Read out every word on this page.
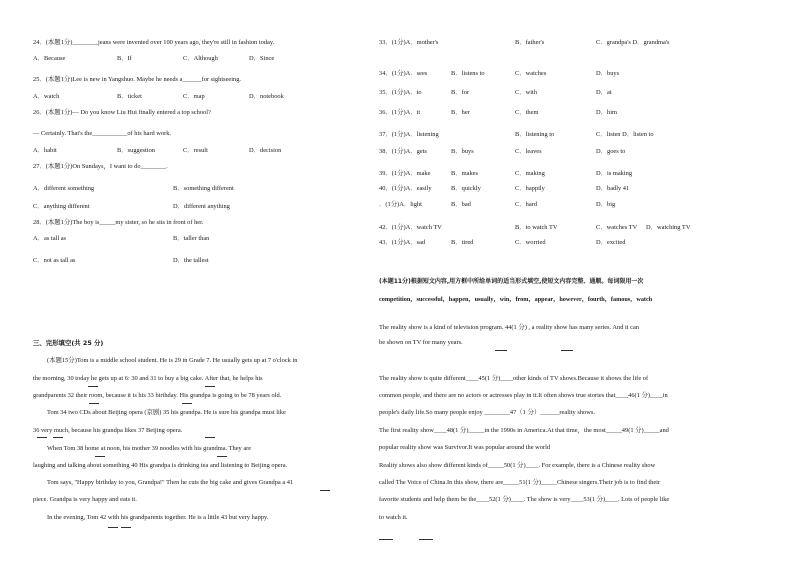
24．(本题1分)________jeans were invented over 100 years ago, they're still in fashion today.
A．Because	B．If	C．Although	D．Since
25．(本题1分)Lee is new in Yangshuo. Maybe he needs a______for sightseeing.
A．watch	B．ticket	C．map	D．notebook
26．(本题1分)— Do you know Liu Hui finally entered a top school?
— Certainly. That's the___________of his hard work.
A．habit	B．suggestion	C．result	D．decision
27．(本题1分)On Sundays，I want to do________.
A．different something	B．something different
C．anything different	D．different anything
28．(本题1分)The boy is_____my sister, so he sits in front of her.
A．as tall as	B．taller than
C．not as tall as	D．the tallest
三、完形填空(共 25 分)
(本题15分)Tom is a middle school student. He is 29 in Grade 7. He usually gets up at 7 o'clock in
the morning, 30 today he gets up at 6: 30 and 31 to buy a big cake. After that, he helps his
grandparents 32 their room, because it is his 33 birthday. His grandpa is going to be 78 years old.
Tom 34 two CDs about Beijing opera (京剧) 35 his grandpa. He is sure his grandpa must like
36 very much, because his grandpa likes 37 Beijing opera.
When Tom 38 home at noon, his mother 39 noodles with his grandma. They are
laughing and talking about something 40 His grandpa is drinking tea and listening to Beijing opera.
Tom says, "Happy birthday to you, Grandpa!" Then he cuts the big cake and gives Grandpa a 41
piece. Grandpa is very happy and eats it.
In the evening, Tom 42 with his grandparents together. He is a little 43 but very happy.
33．(1分)A．mother's	B．father's	C．grandpa's D．grandma's
34．(1分)A．sees	B．listens to	C．watches	D．buys
35．(1分)A．to	B．for	C．with	D．at
36．(1分)A．it	B．her	C．them	D．him
37．(1分)A．listening	B．listening to	C．listen D．listen to
38．(1分)A．gets	B．buys	C．leaves	D．goes to
39．(1分)A．make	B．makes	C．making	D．is making
40．(1分)A．easily	B．quickly	C．happily	D．badly 41
．(1分)A．light	B．bad	C．hard	D．big
42．(1分)A．watch TV	B．to watch TV	C．watches TV D．watching TV
43．(1分)A．sad	B．tired	C．worried	D．excited
(本题11分)根据短文内容,用方框中所给单词的适当形式填空,使短文内容完整、通顺。每词限用一次
competition，successful，happen，usually，win，from，appear，however，fourth，famous，watch
The reality show is a kind of television program. 44(1 分) , a reality show has many series. And it can
be shown on TV for many years.
The reality show is quite different____45(1 分)____other kinds of TV shows.Because it shows the life of
common people, and there are no actors or actresses play in it.It often shows true stories that____46(1 分)____in
people's daily life.So many people enjoy ________47（1 分）______reality shows.
The first reality show____48(1 分)_____in the 1990s in America.At that time，the most_____49(1 分)_____and
popular reality show was Survivor.It was popular around the world
Reality shows also show different kinds of_____50(1 分)____. For example, there is a Chinese reality show
called The Voice of China.In this show, there are_____51(1 分)_____Chinese singers.Their job is to find their
favorite students and help them be the____52(1 分)____. The show is very____53(1 分)____. Lots of people like
to watch it.
